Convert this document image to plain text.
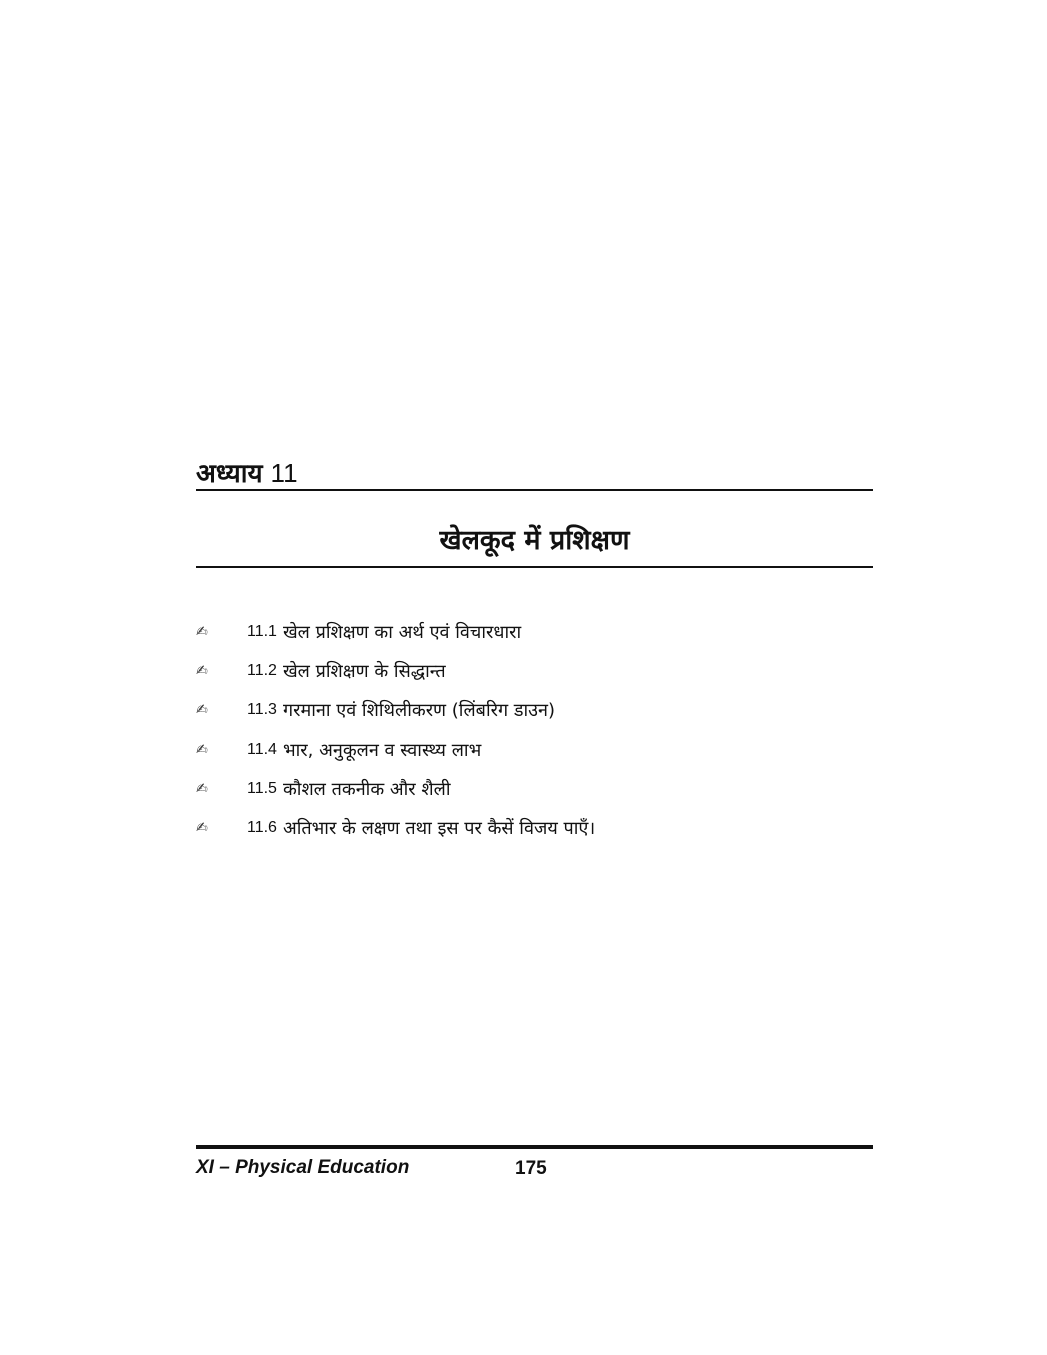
अध्याय 11
खेलकूद में प्रशिक्षण
✍	11.1 खेल प्रशिक्षण का अर्थ एवं विचारधारा
✍	11.2 खेल प्रशिक्षण के सिद्धान्त
✍	11.3 गरमाना एवं शिथिलीकरण (लिंबरिग डाउन)
✍	11.4 भार, अनुकूलन व स्वास्थ्य लाभ
✍	11.5 कौशल तकनीक और शैली
✍	11.6 अतिभार के लक्षण तथा इस पर कैसें विजय पाएँ।
XI – Physical Education	175
